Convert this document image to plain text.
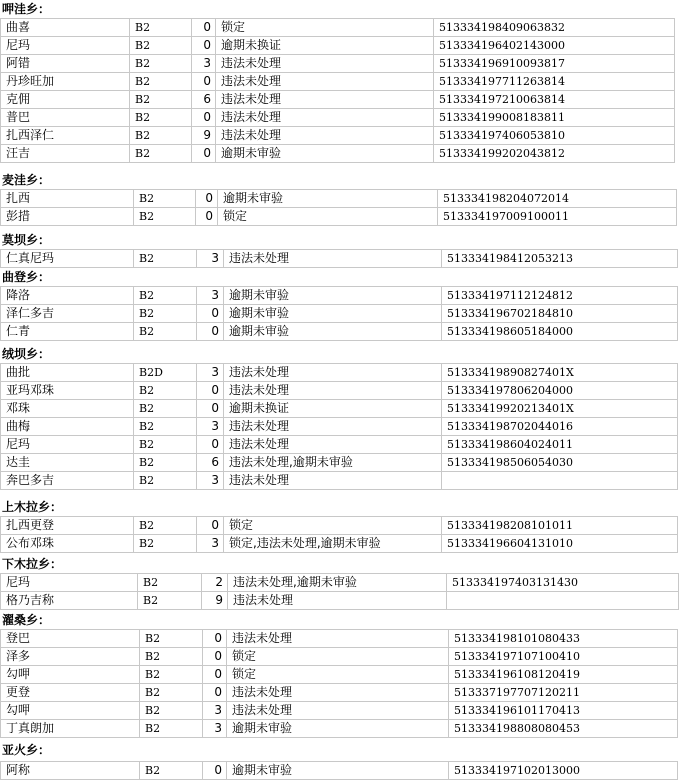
呷洼乡：
曲喜	B2	0	锁定	513334198409063832
尼玛	B2	0	逾期未换证	513334196402143000
阿错	B2	3	违法未处理	513334196910093817
丹珍旺加	B2	0	违法未处理	513334197711263814
克佣	B2	6	违法未处理	513334197210063814
普巴	B2	0	违法未处理	513334199008183811
扎西泽仁	B2	9	违法未处理	513334197406053810
汪吉	B2	0	逾期未审验	513334199202043812
麦洼乡：
扎西	B2	0	逾期未审验	513334198204072014
彭措	B2	0	锁定	513334197009100011
莫坝乡：
仁真尼玛	B2	3	违法未处理	513334198412053213
曲登乡：
降洛	B2	3	逾期未审验	513334197112124812
泽仁多吉	B2	0	逾期未审验	513334196702184810
仁青	B2	0	逾期未审验	513334198605184000
绒坝乡：
曲批	B2D	3	违法未处理	51333419890827401X
亚玛邓珠	B2	0	违法未处理	513334197806204000
邓珠	B2	0	逾期未换证	51333419920213401X
曲梅	B2	3	违法未处理	513334198702044016
尼玛	B2	0	违法未处理	513334198604024011
达圭	B2	6	违法未处理,逾期未审验	513334198506054030
奔巴多吉	B2	3	违法未处理	
上木拉乡：
扎西更登	B2	0	锁定	513334198208101011
公布邓珠	B2	3	锁定,违法未处理,逾期未审验	513334196604131010
下木拉乡：
尼玛	B2	2	违法未处理,逾期未审验	513334197403131430
格乃吉称	B2	9	违法未处理	
濯桑乡：
登巴	B2	0	违法未处理	513334198101080433
泽多	B2	0	锁定	513334197107100410
勾呷	B2	0	锁定	513334196108120419
更登	B2	0	违法未处理	513337197707120211
勾呷	B2	3	违法未处理	513334196101170413
丁真朗加	B2	3	逾期未审验	513334198808080453
亚火乡：
阿称	B2	0	逾期未审验	513334197102013000
